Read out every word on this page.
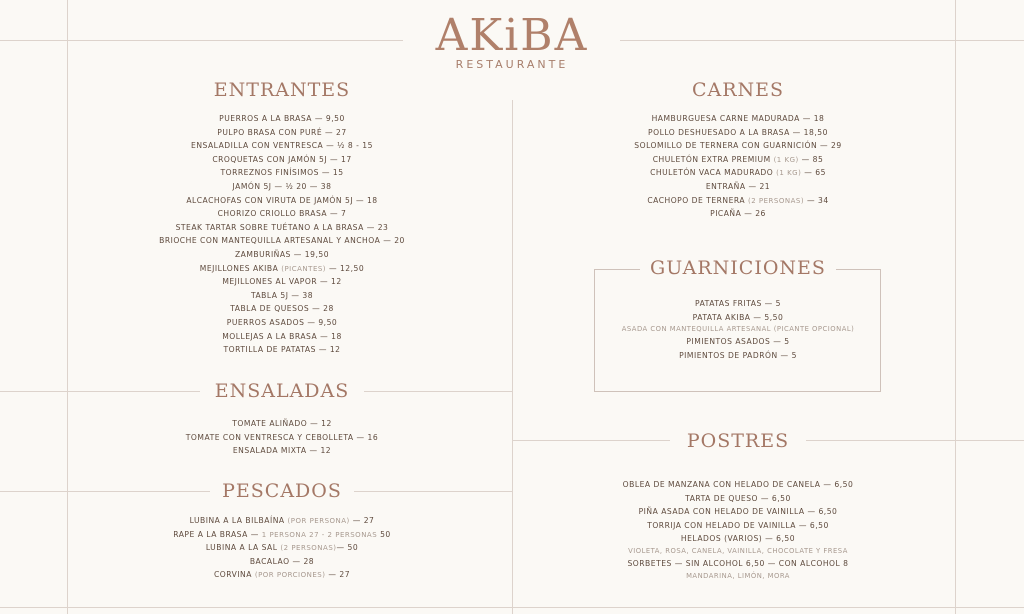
AKiBA
RESTAURANTE
ENTRANTES
PUERROS A LA BRASA — 9,50
PULPO BRASA CON PURÉ — 27
ENSALADILLA CON VENTRESCA — ½ 8 - 15
CROQUETAS CON JAMÓN 5J — 17
TORREZNOS FINÍSIMOS — 15
JAMÓN 5J — ½ 20 — 38
ALCACHOFAS CON VIRUTA DE JAMÓN 5J — 18
CHORIZO CRIOLLO BRASA — 7
STEAK TARTAR SOBRE TUÉTANO A LA BRASA — 23
BRIOCHE CON MANTEQUILLA ARTESANAL Y ANCHOA — 20
ZAMBURIÑAS — 19,50
MEJILLONES AKIBA (PICANTES) — 12,50
MEJILLONES AL VAPOR — 12
TABLA 5J — 38
TABLA DE QUESOS — 28
PUERROS ASADOS — 9,50
MOLLEJAS A LA BRASA — 18
TORTILLA DE PATATAS — 12
ENSALADAS
TOMATE ALIÑADO — 12
TOMATE CON VENTRESCA Y CEBOLLETA — 16
ENSALADA MIXTA — 12
PESCADOS
LUBINA A LA BILBAÍNA (POR PERSONA) — 27
RAPE A LA BRASA — 1 PERSONA 27 - 2 PERSONAS 50
LUBINA A LA SAL (2 PERSONAS)— 50
BACALAO — 28
CORVINA (POR PORCIONES) — 27
CARNES
HAMBURGUESA CARNE MADURADA — 18
POLLO DESHUESADO A LA BRASA — 18,50
SOLOMILLO DE TERNERA CON GUARNICIÓN — 29
CHULETÓN EXTRA PREMIUM (1 KG) — 85
CHULETÓN VACA MADURADO (1 KG) — 65
ENTRAÑA — 21
CACHOPO DE TERNERA (2 PERSONAS) — 34
PICAÑA — 26
GUARNICIONES
PATATAS FRITAS — 5
PATATA AKIBA — 5,50
ASADA CON MANTEQUILLA ARTESANAL (PICANTE OPCIONAL)
PIMIENTOS ASADOS — 5
PIMIENTOS DE PADRÓN — 5
POSTRES
OBLEA DE MANZANA CON HELADO DE CANELA — 6,50
TARTA DE QUESO — 6,50
PIÑA ASADA CON HELADO DE VAINILLA — 6,50
TORRIJA CON HELADO DE VAINILLA — 6,50
HELADOS (VARIOS) — 6,50
VIOLETA, ROSA, CANELA, VAINILLA, CHOCOLATE Y FRESA
SORBETES — SIN ALCOHOL 6,50 — CON ALCOHOL 8
MANDARINA, LIMÓN, MORA
